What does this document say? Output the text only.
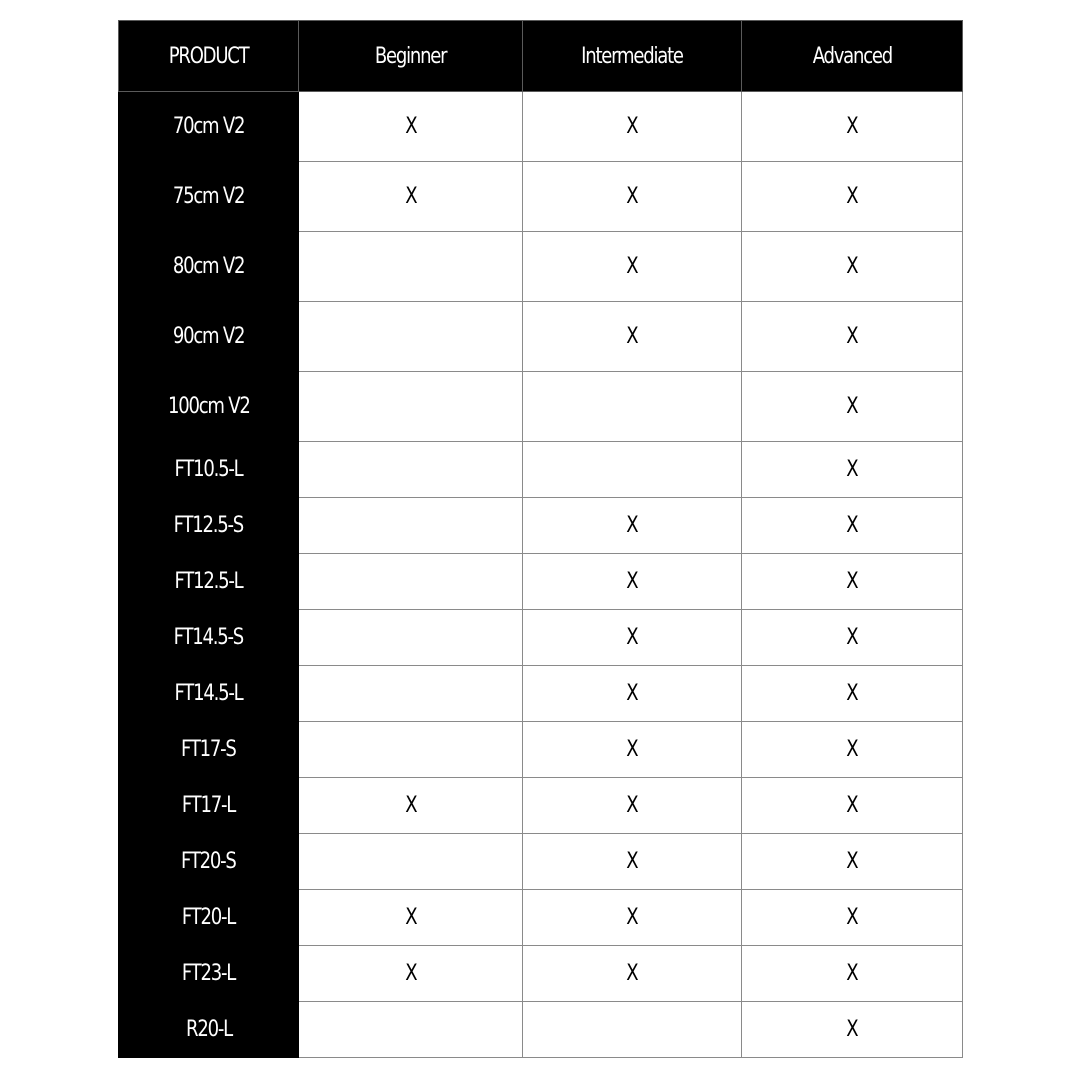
PRODUCT	Beginner	Intermediate	Advanced
70cm V2	X	X	X
75cm V2	X	X	X
80cm V2		X	X
90cm V2		X	X
100cm V2			X
FT10.5-L			X
FT12.5-S		X	X
FT12.5-L		X	X
FT14.5-S		X	X
FT14.5-L		X	X
FT17-S		X	X
FT17-L	X	X	X
FT20-S		X	X
FT20-L	X	X	X
FT23-L	X	X	X
R20-L			X
